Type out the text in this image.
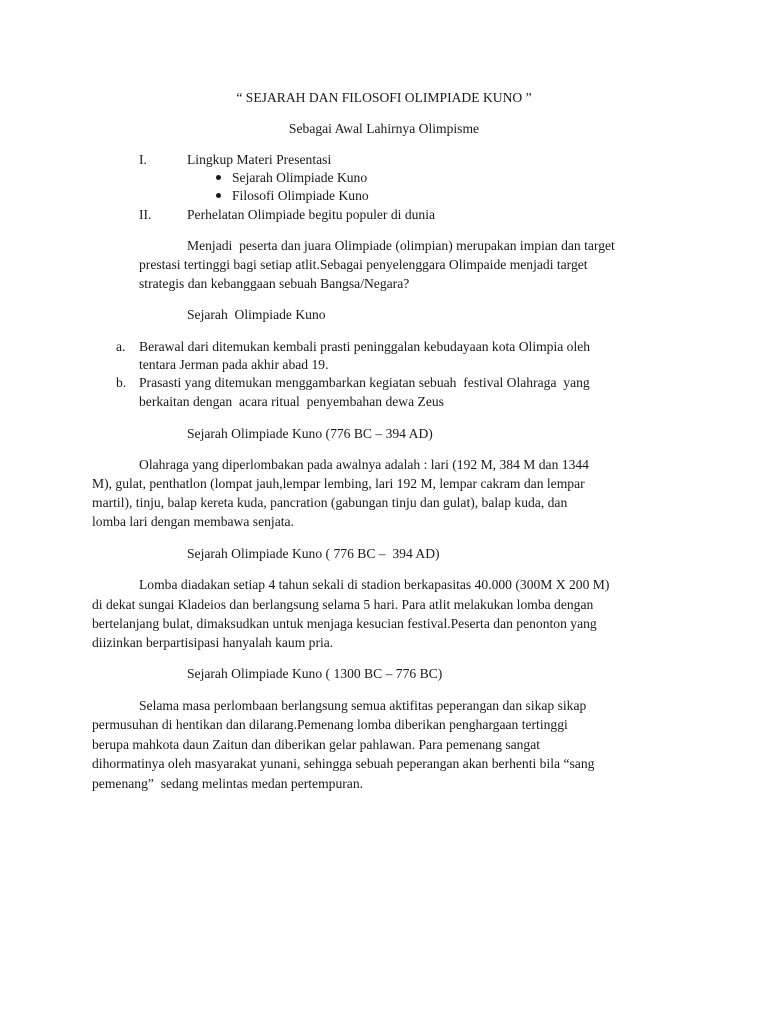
“ SEJARAH DAN FILOSOFI OLIMPIADE KUNO ”
Sebagai Awal Lahirnya Olimpisme
I.	Lingkup Materi Presentasi
Sejarah Olimpiade Kuno
Filosofi Olimpiade Kuno
II.	Perhelatan Olimpiade begitu populer di dunia
Menjadi  peserta dan juara Olimpiade (olimpian) merupakan impian dan target
prestasi tertinggi bagi setiap atlit.Sebagai penyelenggara Olimpaide menjadi target
strategis dan kebanggaan sebuah Bangsa/Negara?
Sejarah  Olimpiade Kuno
a. Berawal dari ditemukan kembali prasti peninggalan kebudayaan kota Olimpia oleh
tentara Jerman pada akhir abad 19.
b. Prasasti yang ditemukan menggambarkan kegiatan sebuah  festival Olahraga  yang
berkaitan dengan  acara ritual  penyembahan dewa Zeus
Sejarah Olimpiade Kuno (776 BC – 394 AD)
Olahraga yang diperlombakan pada awalnya adalah : lari (192 M, 384 M dan 1344
M), gulat, penthatlon (lompat jauh,lempar lembing, lari 192 M, lempar cakram dan lempar
martil), tinju, balap kereta kuda, pancration (gabungan tinju dan gulat), balap kuda, dan
lomba lari dengan membawa senjata.
Sejarah Olimpiade Kuno ( 776 BC –  394 AD)
Lomba diadakan setiap 4 tahun sekali di stadion berkapasitas 40.000 (300M X 200 M)
di dekat sungai Kladeios dan berlangsung selama 5 hari. Para atlit melakukan lomba dengan
bertelanjang bulat, dimaksudkan untuk menjaga kesucian festival.Peserta dan penonton yang
diizinkan berpartisipasi hanyalah kaum pria.
Sejarah Olimpiade Kuno ( 1300 BC – 776 BC)
Selama masa perlombaan berlangsung semua aktifitas peperangan dan sikap sikap
permusuhan di hentikan dan dilarang.Pemenang lomba diberikan penghargaan tertinggi
berupa mahkota daun Zaitun dan diberikan gelar pahlawan. Para pemenang sangat
dihormatinya oleh masyarakat yunani, sehingga sebuah peperangan akan berhenti bila “sang
pemenang”  sedang melintas medan pertempuran.
